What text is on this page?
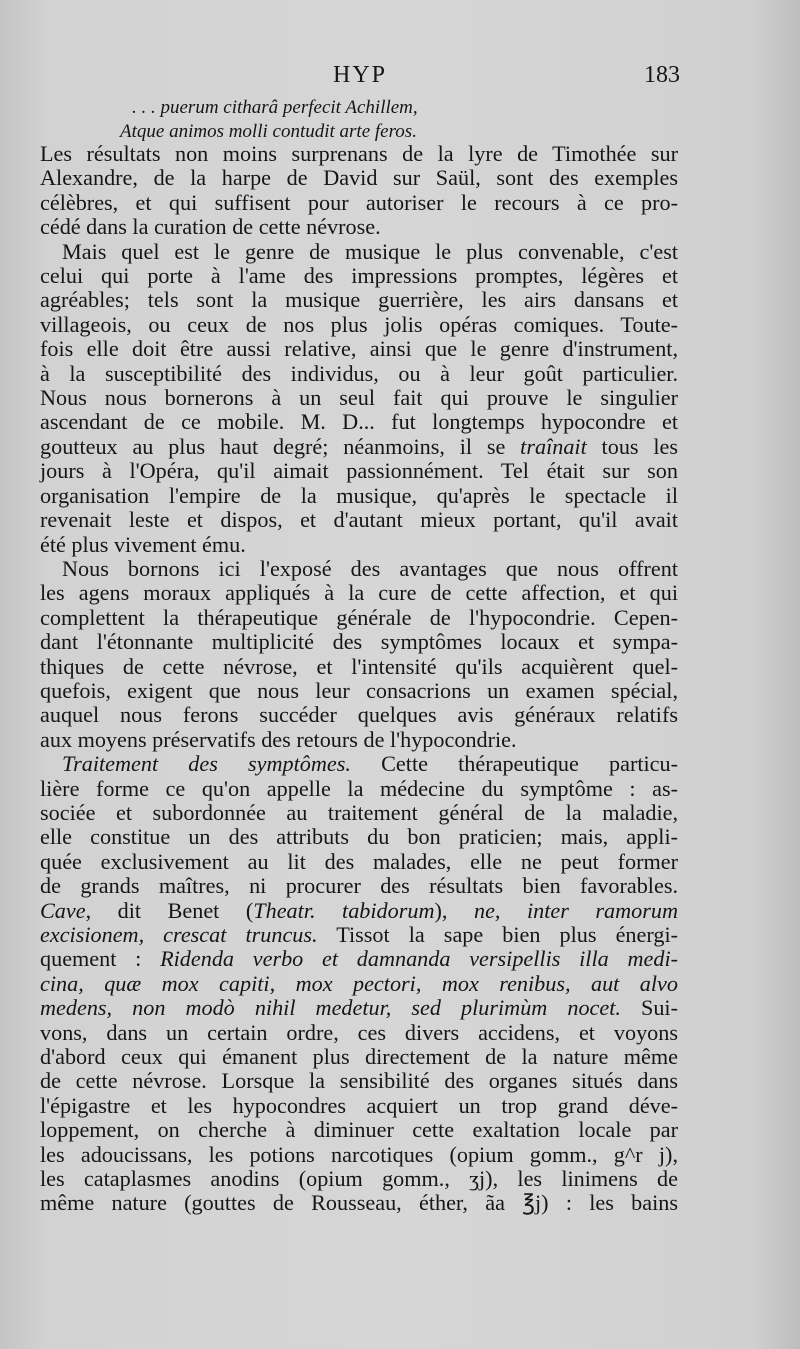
HYP	183
. . . puerum citharâ perfecit Achillem,
Atque animos molli contudit arte feros.
Les résultats non moins surprenans de la lyre de Timothée sur
Alexandre, de la harpe de David sur Saül, sont des exemples
célèbres, et qui suffisent pour autoriser le recours à ce pro-
cédé dans la curation de cette névrose.
Mais quel est le genre de musique le plus convenable, c'est
celui qui porte à l'ame des impressions promptes, légères et
agréables; tels sont la musique guerrière, les airs dansans et
villageois, ou ceux de nos plus jolis opéras comiques. Toute-
fois elle doit être aussi relative, ainsi que le genre d'instrument,
à la susceptibilité des individus, ou à leur goût particulier.
Nous nous bornerons à un seul fait qui prouve le singulier
ascendant de ce mobile. M. D... fut longtemps hypocondre et
goutteux au plus haut degré; néanmoins, il se traînait tous les
jours à l'Opéra, qu'il aimait passionnément. Tel était sur son
organisation l'empire de la musique, qu'après le spectacle il
revenait leste et dispos, et d'autant mieux portant, qu'il avait
été plus vivement ému.
Nous bornons ici l'exposé des avantages que nous offrent
les agens moraux appliqués à la cure de cette affection, et qui
complettent la thérapeutique générale de l'hypocondrie. Cepen-
dant l'étonnante multiplicité des symptômes locaux et sympa-
thiques de cette névrose, et l'intensité qu'ils acquièrent quel-
quefois, exigent que nous leur consacrions un examen spécial,
auquel nous ferons succéder quelques avis généraux relatifs
aux moyens préservatifs des retours de l'hypocondrie.
Traitement des symptômes. Cette thérapeutique particu-
lière forme ce qu'on appelle la médecine du symptôme : as-
sociée et subordonnée au traitement général de la maladie,
elle constitue un des attributs du bon praticien; mais, appli-
quée exclusivement au lit des malades, elle ne peut former
de grands maîtres, ni procurer des résultats bien favorables.
Cave, dit Benet (Theatr. tabidorum), ne, inter ramorum
excisionem, crescat truncus. Tissot la sape bien plus énergi-
quement : Ridenda verbo et damnanda versipellis illa medi-
cina, quæ mox capiti, mox pectori, mox renibus, aut alvo
medens, non modò nihil medetur, sed plurimùm nocet. Sui-
vons, dans un certain ordre, ces divers accidens, et voyons
d'abord ceux qui émanent plus directement de la nature même
de cette névrose. Lorsque la sensibilité des organes situés dans
l'épigastre et les hypocondres acquiert un trop grand déve-
loppement, on cherche à diminuer cette exaltation locale par
les adoucissans, les potions narcotiques (opium gomm., g^r j),
les cataplasmes anodins (opium gomm., ʒj), les linimens de
même nature (gouttes de Rousseau, éther, ãa ℥j) : les bains
